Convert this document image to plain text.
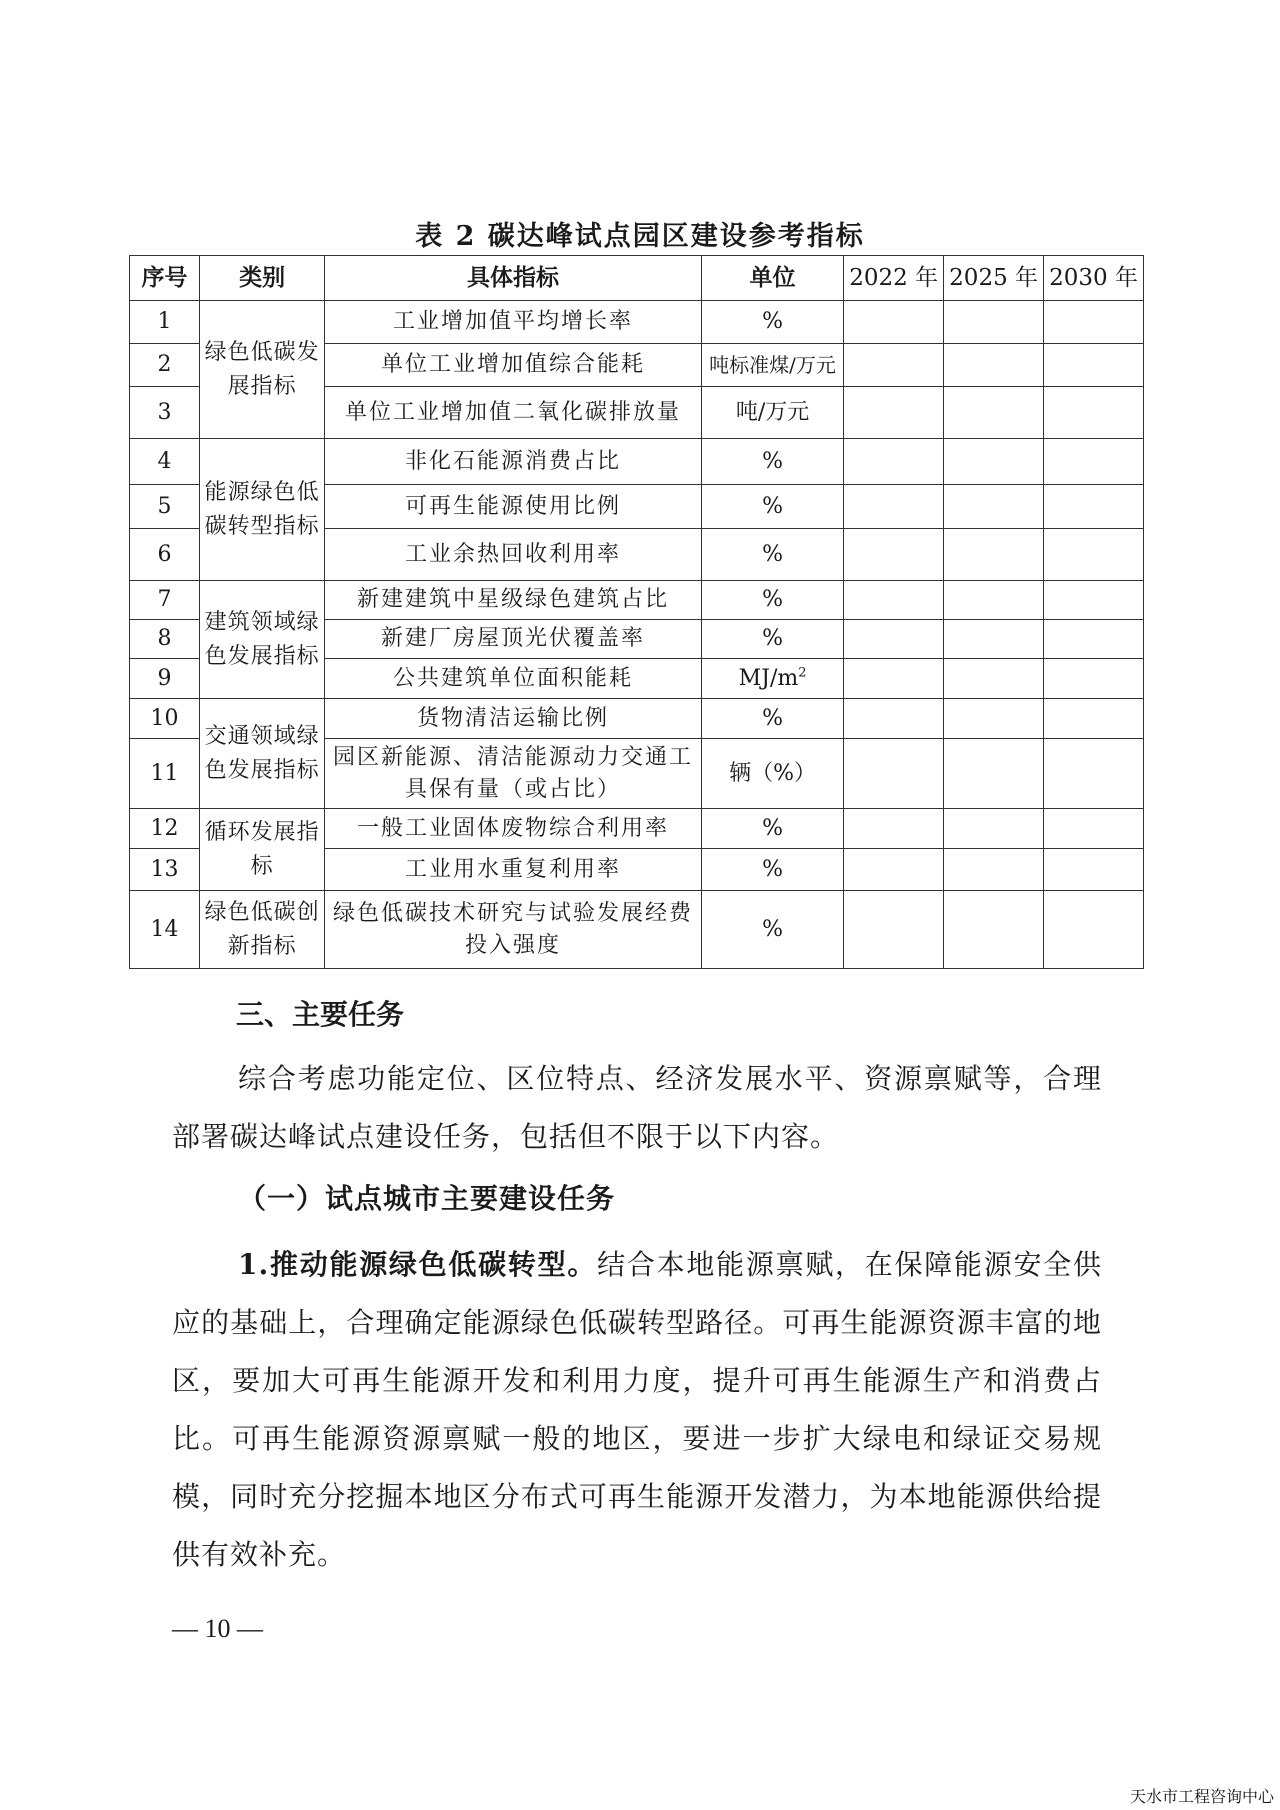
表 2 碳达峰试点园区建设参考指标
序号	类别	具体指标	单位	2022 年	2025 年	2030 年
1	绿色低碳发展指标	工业增加值平均增长率	%			
2		单位工业增加值综合能耗	吨标准煤/万元			
3		单位工业增加值二氧化碳排放量	吨/万元			
4	能源绿色低碳转型指标	非化石能源消费占比	%			
5		可再生能源使用比例	%			
6		工业余热回收利用率	%			
7	建筑领域绿色发展指标	新建建筑中星级绿色建筑占比	%			
8		新建厂房屋顶光伏覆盖率	%			
9		公共建筑单位面积能耗	$MJ/m^2$			
10	交通领域绿色发展指标	货物清洁运输比例	%			
11		园区新能源、清洁能源动力交通工具保有量（或占比）	辆（%）			
12	循环发展指标	一般工业固体废物综合利用率	%			
13		工业用水重复利用率	%			
14	绿色低碳创新指标	绿色低碳技术研究与试验发展经费投入强度	%			
三、主要任务
综合考虑功能定位、区位特点、经济发展水平、资源禀赋等，合理部署碳达峰试点建设任务，包括但不限于以下内容。
（一）试点城市主要建设任务
1.推动能源绿色低碳转型。结合本地能源禀赋，在保障能源安全供应的基础上，合理确定能源绿色低碳转型路径。可再生能源资源丰富的地区，要加大可再生能源开发和利用力度，提升可再生能源生产和消费占比。可再生能源资源禀赋一般的地区，要进一步扩大绿电和绿证交易规模，同时充分挖掘本地区分布式可再生能源开发潜力，为本地能源供给提供有效补充。
— 10 —
天水市工程咨询中心
